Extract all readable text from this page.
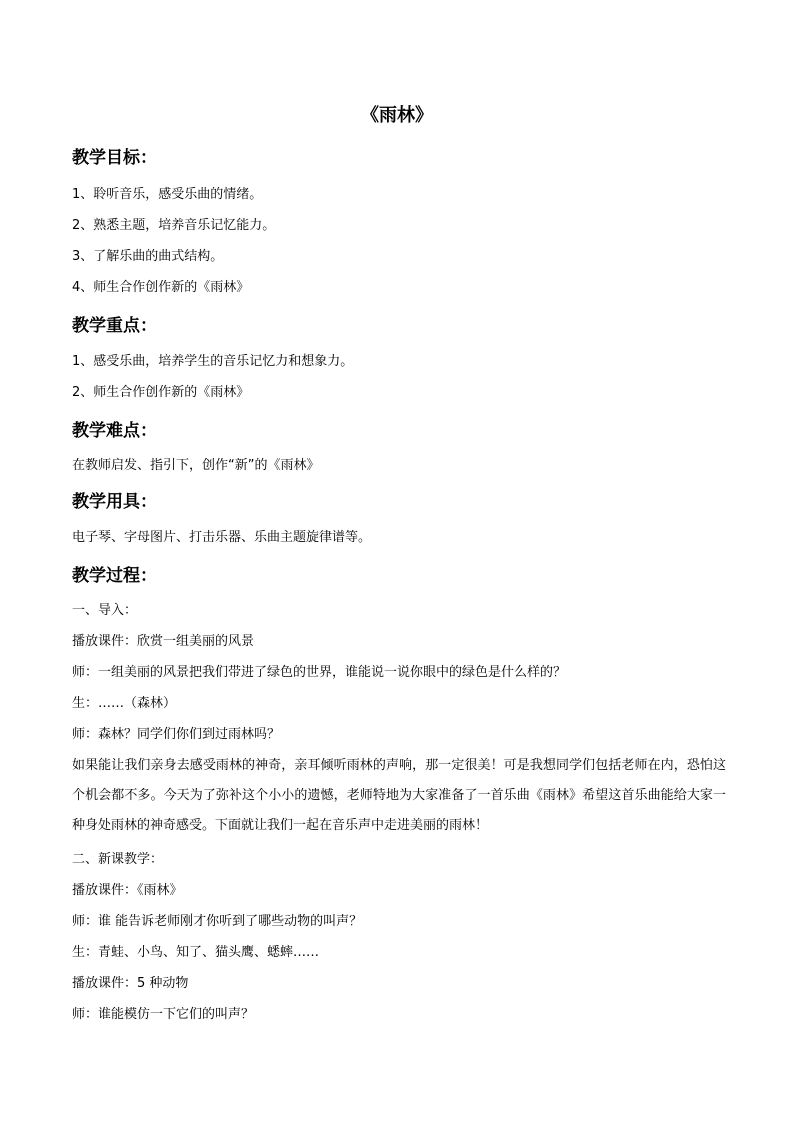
《雨林》
教学目标：
1、聆听音乐，感受乐曲的情绪。
2、熟悉主题，培养音乐记忆能力。
3、了解乐曲的曲式结构。
4、师生合作创作新的《雨林》
教学重点：
1、感受乐曲，培养学生的音乐记忆力和想象力。
2、师生合作创作新的《雨林》
教学难点：
在教师启发、指引下，创作“新”的《雨林》
教学用具：
电子琴、字母图片、打击乐器、乐曲主题旋律谱等。
教学过程：
一、导入：
播放课件：欣赏一组美丽的风景
师：一组美丽的风景把我们带进了绿色的世界，谁能说一说你眼中的绿色是什么样的？
生：……（森林）
师：森林？同学们你们到过雨林吗？
如果能让我们亲身去感受雨林的神奇，亲耳倾听雨林的声响，那一定很美！可是我想同学们包括老师在内，恐怕这个机会都不多。今天为了弥补这个小小的遗憾，老师特地为大家准备了一首乐曲《雨林》希望这首乐曲能给大家一种身处雨林的神奇感受。下面就让我们一起在音乐声中走进美丽的雨林！
二、新课教学：
播放课件：《雨林》
师：谁 能告诉老师刚才你听到了哪些动物的叫声？
生：青蛙、小鸟、知了、猫头鹰、蟋蟀……
播放课件：5 种动物
师：谁能模仿一下它们的叫声？
